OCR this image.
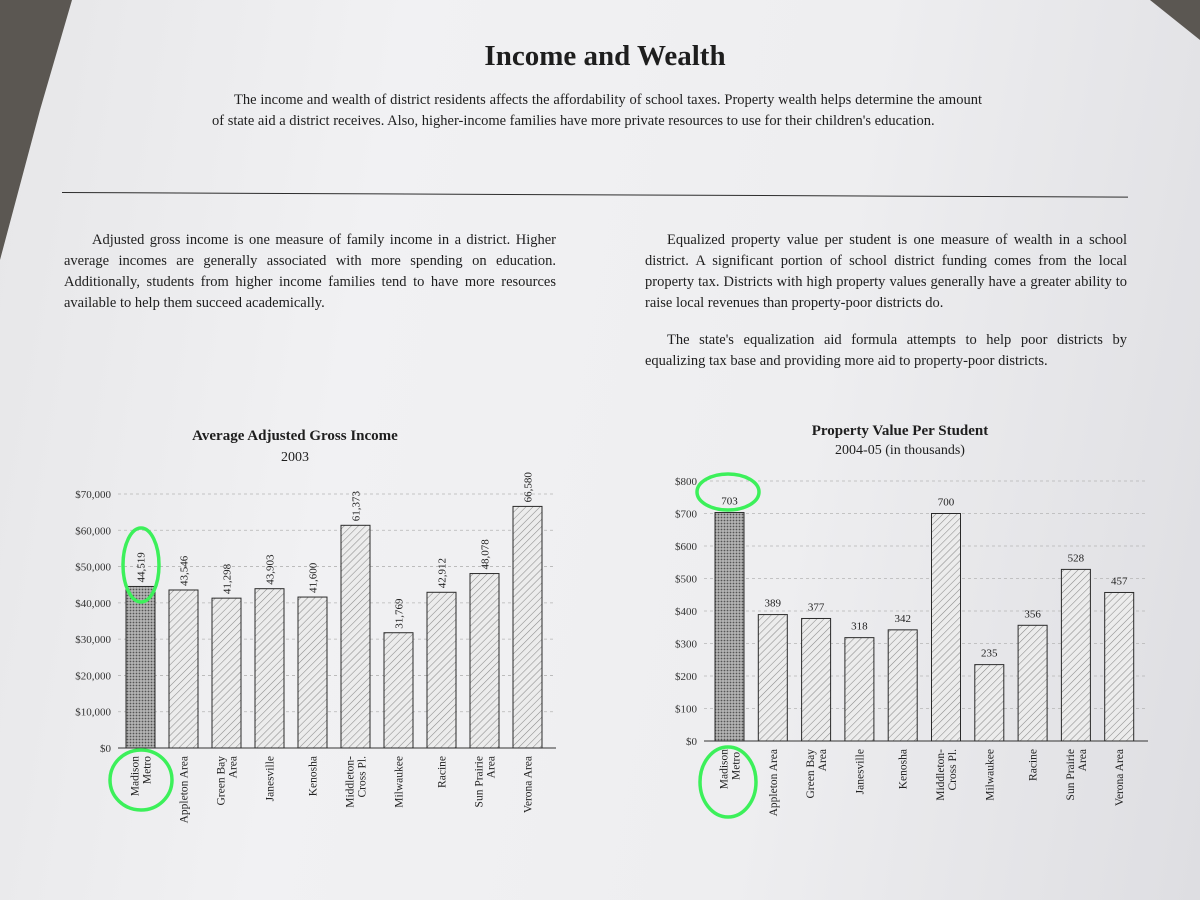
Income and Wealth

The income and wealth of district residents affects the affordability of school taxes. Property wealth helps determine the amount of state aid a district receives. Also, higher-income families have more private resources to use for their children's education.

Adjusted gross income is one measure of family income in a district. Higher average incomes are generally associated with more spending on education. Additionally, students from higher income families tend to have more resources available to help them succeed academically.

Equalized property value per student is one measure of wealth in a school district. A significant portion of school district funding comes from the local property tax. Districts with high property values generally have a greater ability to raise local revenues than property-poor districts do.

The state's equalization aid formula attempts to help poor districts by equalizing tax base and providing more aid to property-poor districts.

Average Adjusted Gross Income
2003
Property Value Per Student
2004-05 (in thousands)
$0
$10,000
$20,000
$30,000
$40,000
$50,000
$60,000
$70,000
44,519
Madison Metro
43,546
Appleton Area
41,298
Green Bay Area
43,903
Janesville
41,600
Kenosha
61,373
Middleton- Cross Pl.
31,769
Milwaukee
42,912
Racine
48,078
Sun Prairie Area
66,580
Verona Area
$0
$100
$200
$300
$400
$500
$600
$700
$800
703
Madison Metro.
389
Appleton Area
377
Green Bay Area
318
Janesville
342
Kenosha
700
Middleton- Cross Pl.
235
Milwaukee
356
Racine
528
Sun Prairie Area
457
Verona Area
